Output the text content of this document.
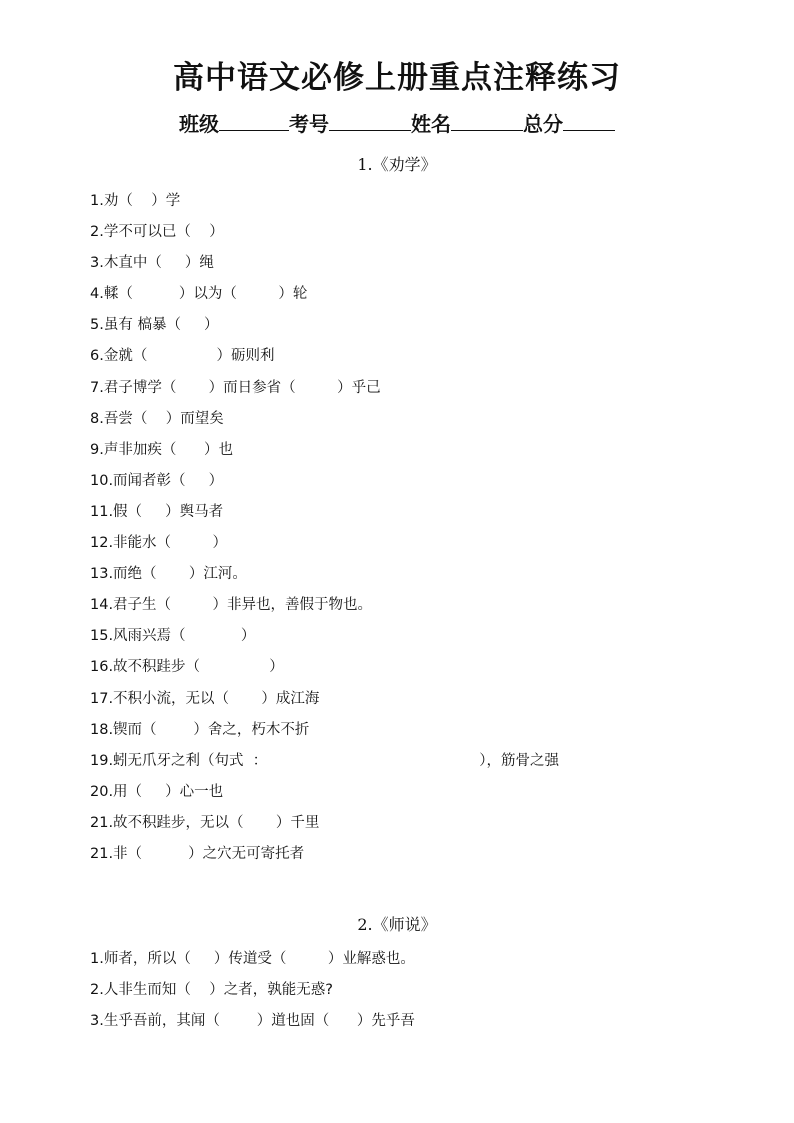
高中语文必修上册重点注释练习
班级	考号	姓名	总分
1.《劝学》
1.劝（    ）学
2.学不可以已（    ）
3.木直中（     ）绳
4.輮（          ）以为（         ）轮
5.虽有 槁暴（     ）
6.金就（               ）砺则利
7.君子博学（       ）而日参省（         ）乎己
8.吾尝（    ）而望矣
9.声非加疾（      ）也
10.而闻者彰（     ）
11.假（     ）舆马者
12.非能水（         ）
13.而绝（       ）江河。
14.君子生（         ）非异也，善假于物也。
15.风雨兴焉（            ）
16.故不积跬步（               ）
17.不积小流，无以（       ）成江海
18.锲而（        ）舍之，朽木不折
19.蚓无爪牙之利（句式  ：                                              ），筋骨之强
20.用（     ）心一也
21.故不积跬步，无以（       ）千里
21.非（          ）之穴无可寄托者
2.《师说》
1.师者，所以（     ）传道受（         ）业解惑也。
2.人非生而知（    ）之者，孰能无惑?
3.生乎吾前，其闻（        ）道也固（      ）先乎吾
